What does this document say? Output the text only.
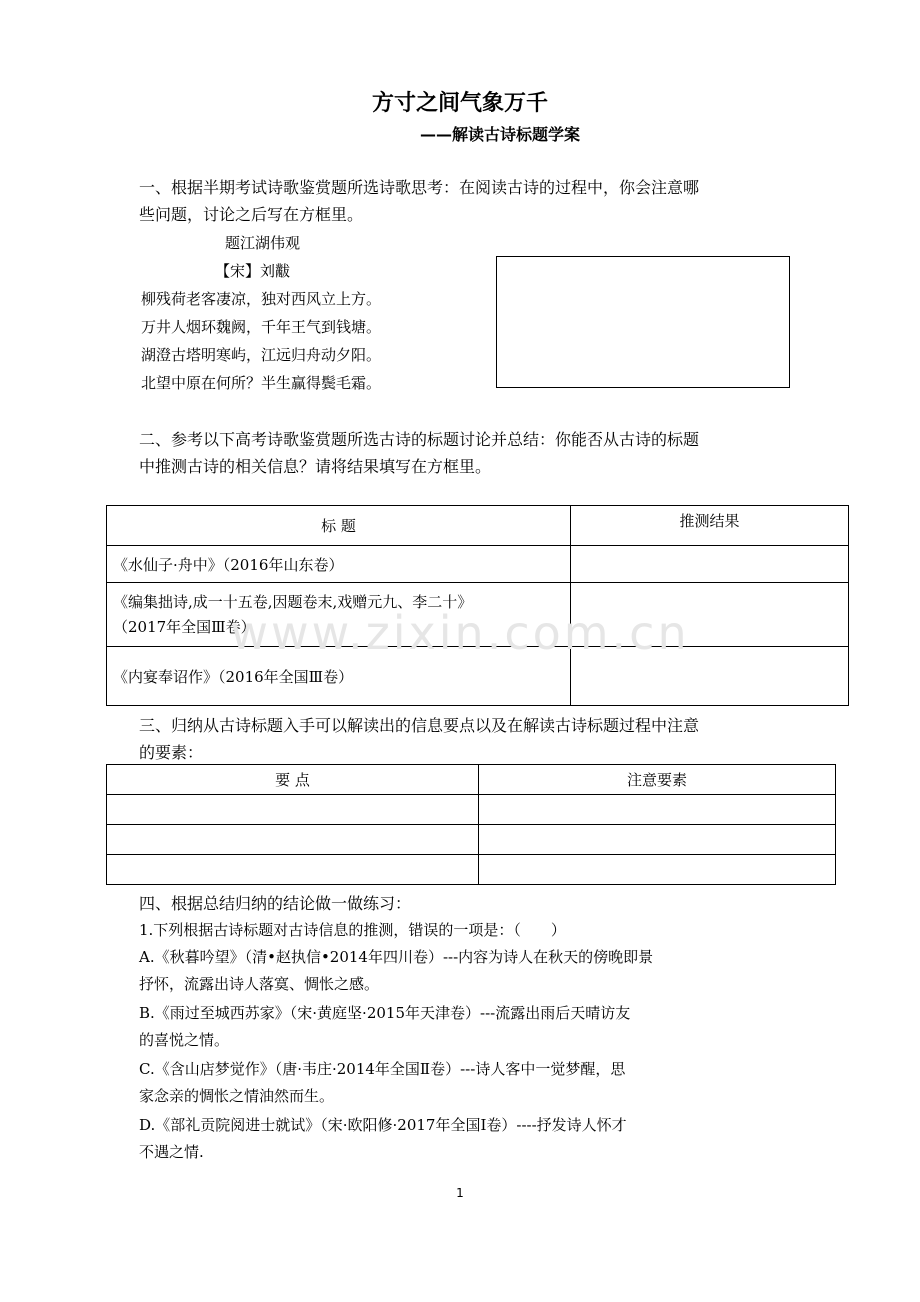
方寸之间气象万千
——解读古诗标题学案
一、根据半期考试诗歌鉴赏题所选诗歌思考：在阅读古诗的过程中，你会注意哪
些问题，讨论之后写在方框里。
题江湖伟观
【宋】刘黻
柳残荷老客凄凉，独对西风立上方。
万井人烟环魏阙，千年王气到钱塘。
湖澄古塔明寒屿，江远归舟动夕阳。
北望中原在何所？半生赢得鬓毛霜。
二、参考以下高考诗歌鉴赏题所选古诗的标题讨论并总结：你能否从古诗的标题
中推测古诗的相关信息？请将结果填写在方框里。
标 题	推测结果
《水仙子·舟中》（2016年山东卷）	

《编集拙诗,成一十五卷,因题卷末,戏赠元九、李二十》
（2017年全国Ⅲ卷）	

《内宴奉诏作》（2016年全国Ⅲ卷）	
www.zixin.com.cn
三、归纳从古诗标题入手可以解读出的信息要点以及在解读古诗标题过程中注意
的要素：
要 点	注意要素

四、根据总结归纳的结论做一做练习：
1.下列根据古诗标题对古诗信息的推测，错误的一项是：（　　）
A.《秋暮吟望》（清•赵执信•2014年四川卷）---内容为诗人在秋天的傍晚即景
抒怀，流露出诗人落寞、惆怅之感。
B.《雨过至城西苏家》（宋·黄庭坚·2015年天津卷）---流露出雨后天晴访友
的喜悦之情。
C.《含山店梦觉作》（唐·韦庄·2014年全国Ⅱ卷）---诗人客中一觉梦醒，思
家念亲的惆怅之情油然而生。
D.《部礼贡院阅进士就试》（宋·欧阳修·2017年全国Ⅰ卷）----抒发诗人怀才
不遇之情.
1
